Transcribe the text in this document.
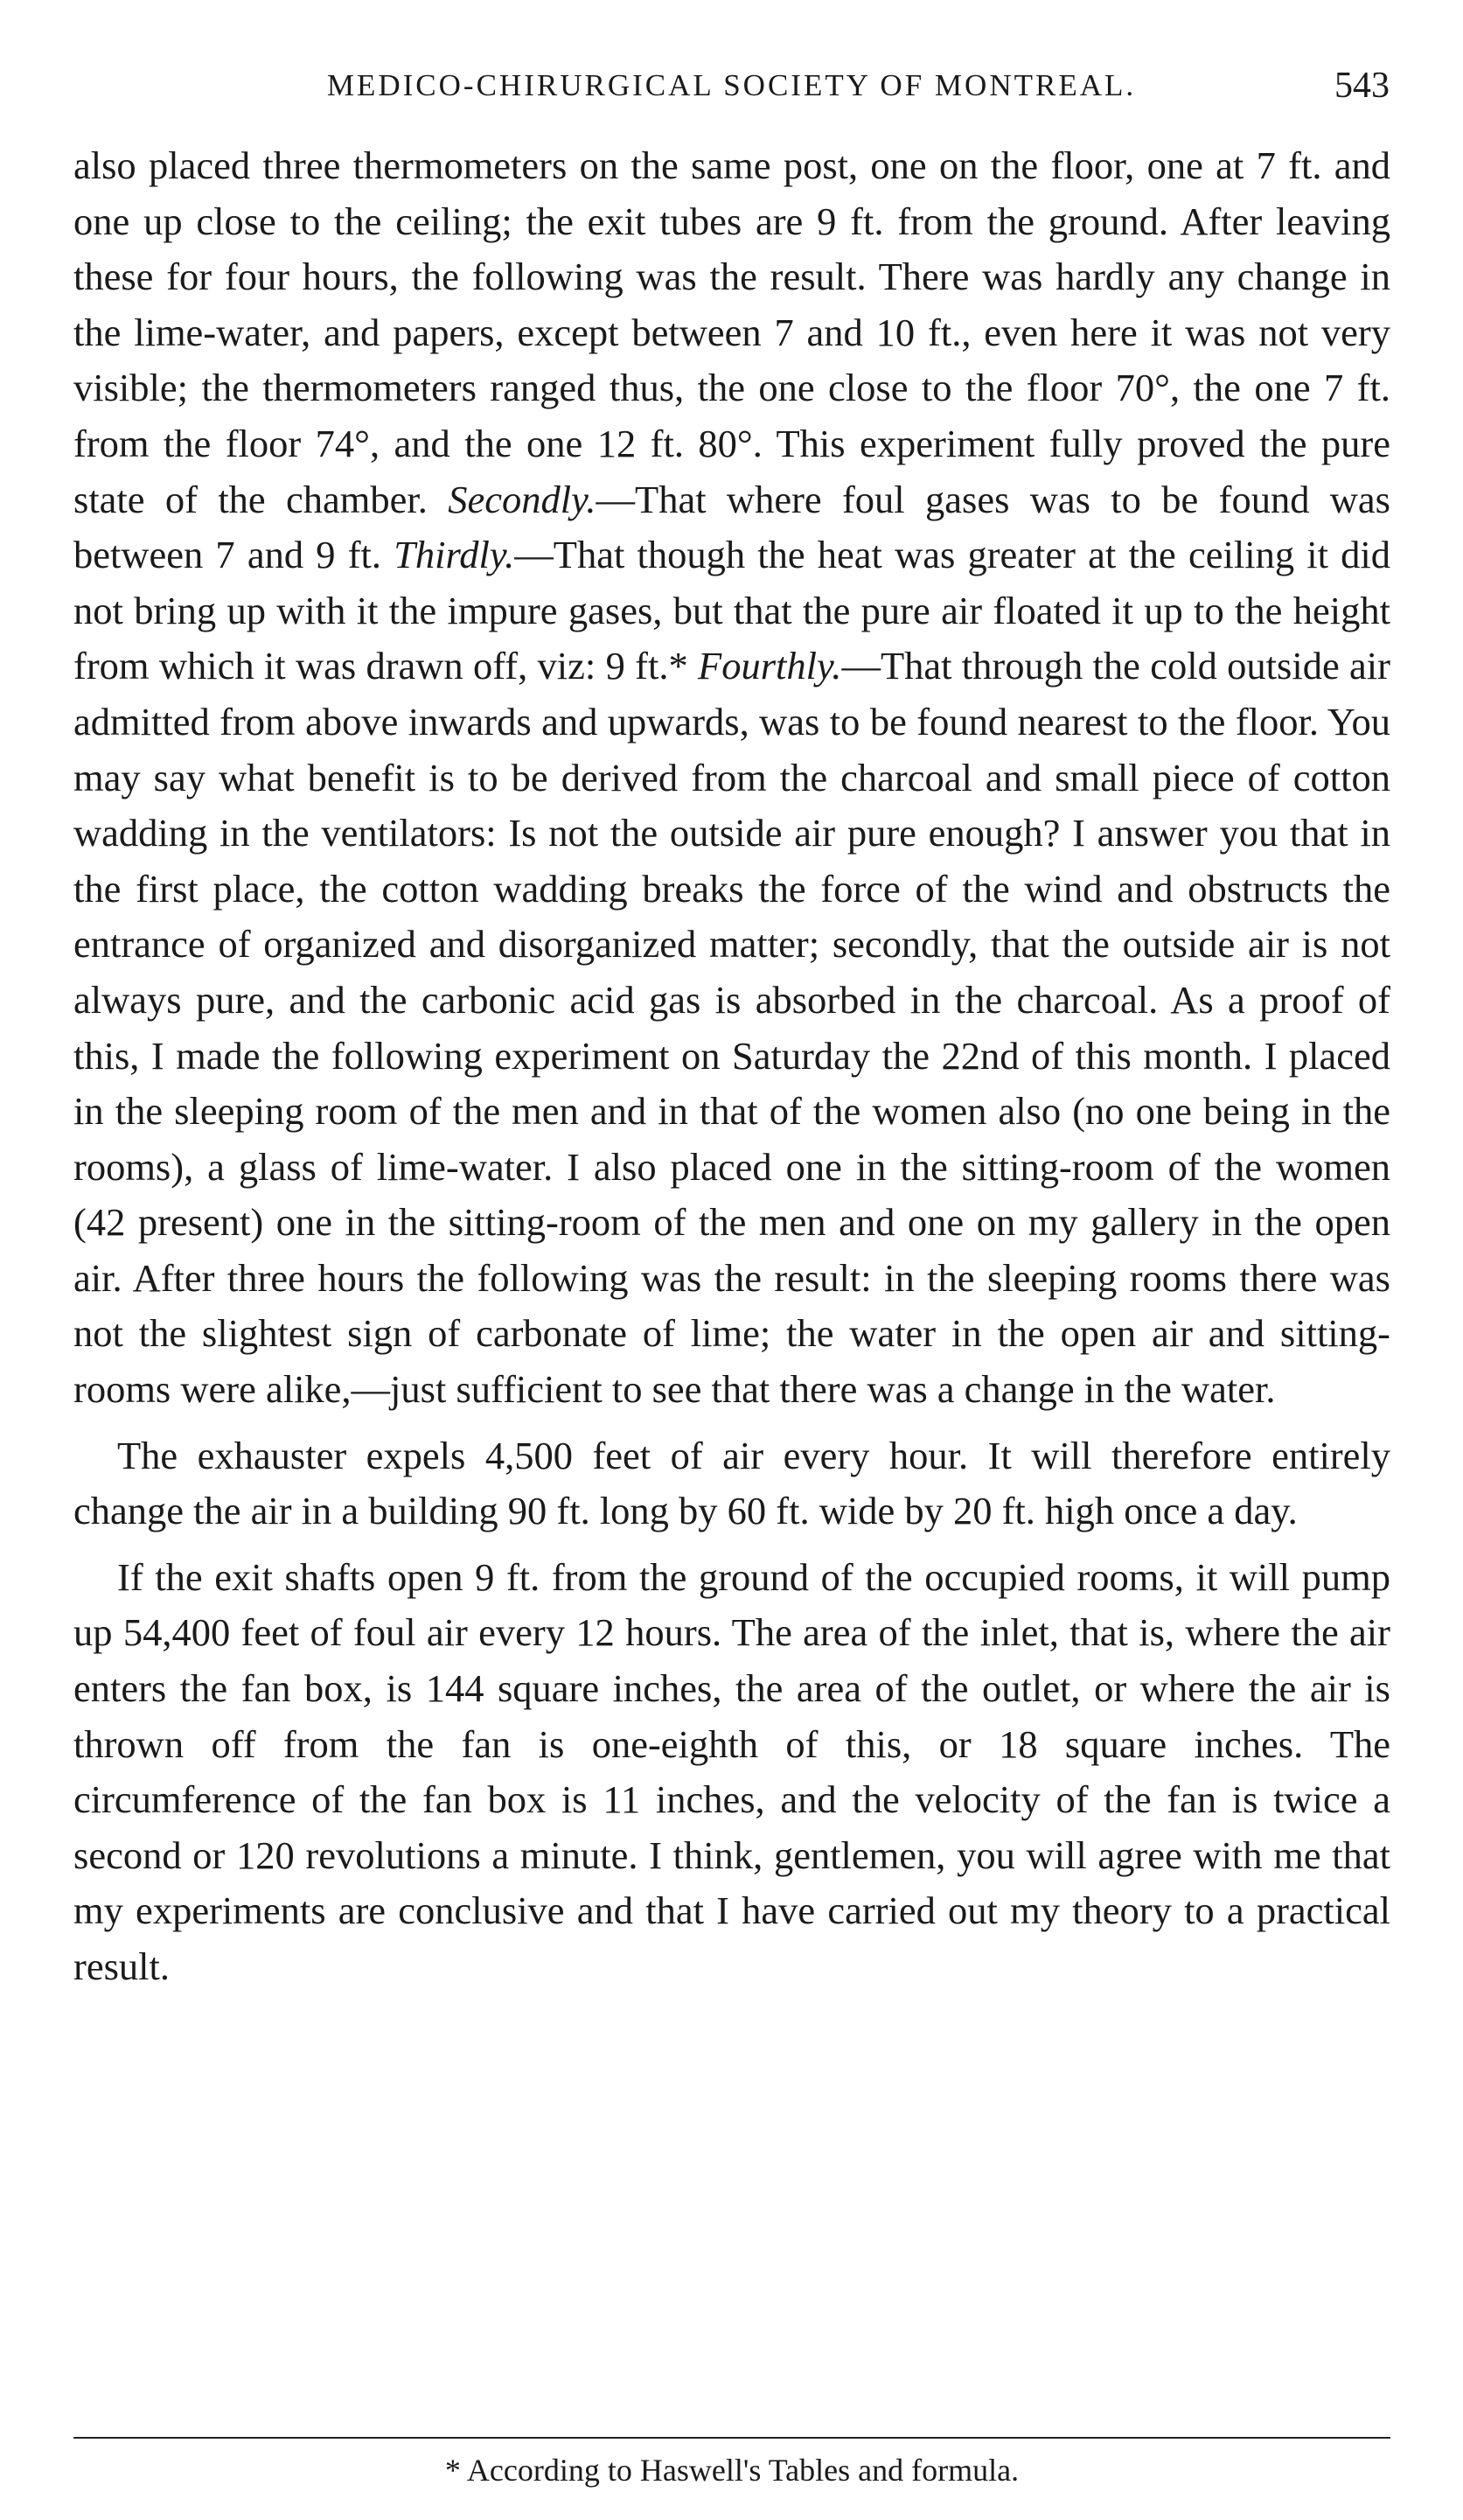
MEDICO-CHIRURGICAL SOCIETY OF MONTREAL.	543

also placed three thermometers on the same post, one on the floor, one at 7 ft. and one up close to the ceiling; the exit tubes are 9 ft. from the ground. After leaving these for four hours, the following was the result. There was hardly any change in the lime-water, and papers, except between 7 and 10 ft., even here it was not very visible; the thermometers ranged thus, the one close to the floor 70°, the one 7 ft. from the floor 74°, and the one 12 ft. 80°. This experiment fully proved the pure state of the chamber. Secondly.—That where foul gases was to be found was between 7 and 9 ft. Thirdly.—That though the heat was greater at the ceiling it did not bring up with it the impure gases, but that the pure air floated it up to the height from which it was drawn off, viz: 9 ft.* Fourthly.—That through the cold outside air admitted from above inwards and upwards, was to be found nearest to the floor. You may say what benefit is to be derived from the charcoal and small piece of cotton wadding in the ventilators: Is not the outside air pure enough? I answer you that in the first place, the cotton wadding breaks the force of the wind and obstructs the entrance of organized and disorganized matter; secondly, that the outside air is not always pure, and the carbonic acid gas is absorbed in the charcoal. As a proof of this, I made the following experiment on Saturday the 22nd of this month. I placed in the sleeping room of the men and in that of the women also (no one being in the rooms), a glass of lime-water. I also placed one in the sitting-room of the women (42 present) one in the sitting-room of the men and one on my gallery in the open air. After three hours the following was the result: in the sleeping rooms there was not the slightest sign of carbonate of lime; the water in the open air and sitting-rooms were alike,—just sufficient to see that there was a change in the water.

The exhauster expels 4,500 feet of air every hour. It will therefore entirely change the air in a building 90 ft. long by 60 ft. wide by 20 ft. high once a day.

If the exit shafts open 9 ft. from the ground of the occupied rooms, it will pump up 54,400 feet of foul air every 12 hours. The area of the inlet, that is, where the air enters the fan box, is 144 square inches, the area of the outlet, or where the air is thrown off from the fan is one-eighth of this, or 18 square inches. The circumference of the fan box is 11 inches, and the velocity of the fan is twice a second or 120 revolutions a minute. I think, gentlemen, you will agree with me that my experiments are conclusive and that I have carried out my theory to a practical result.

* According to Haswell's Tables and formula.
